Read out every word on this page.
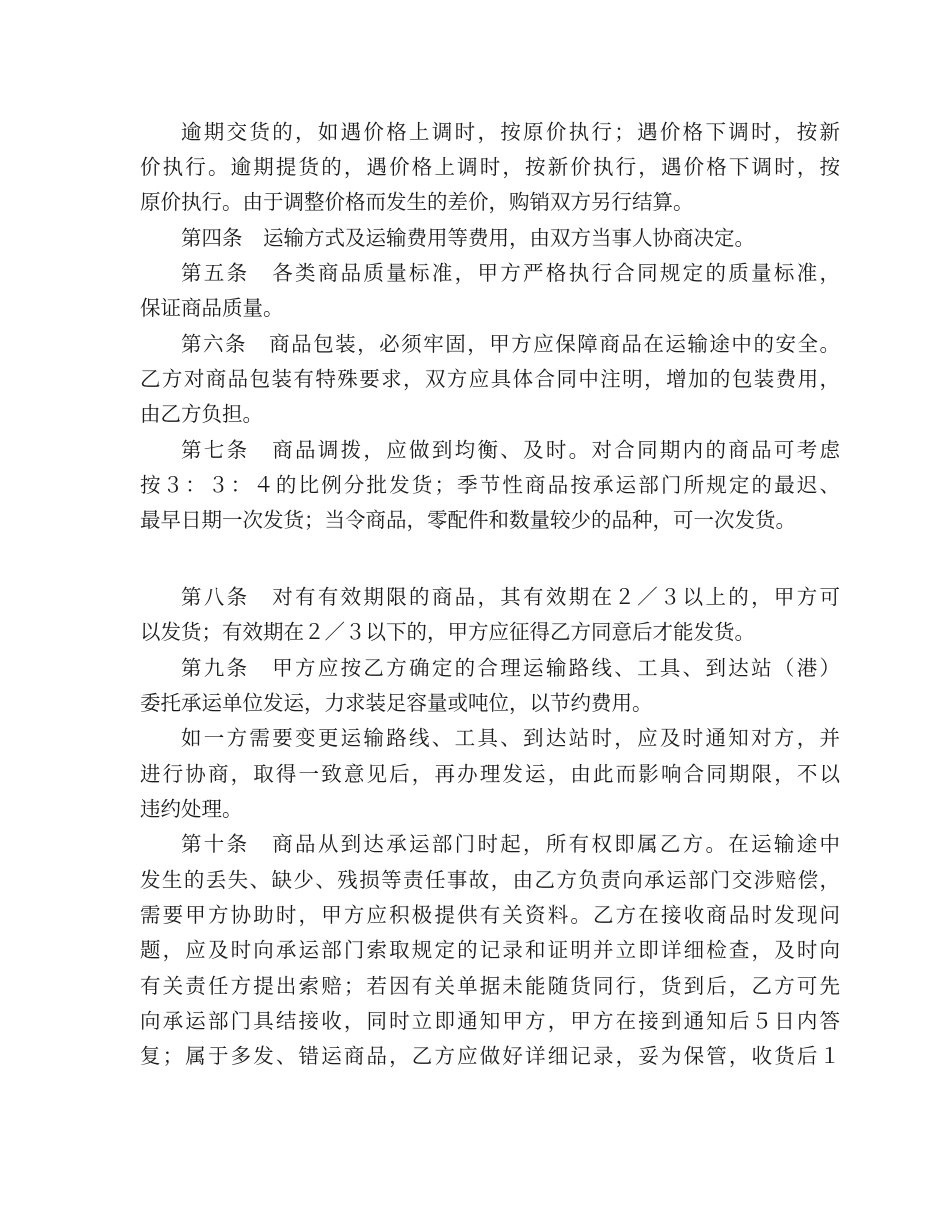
逾期交货的，如遇价格上调时，按原价执行；遇价格下调时，按新
价执行。逾期提货的，遇价格上调时，按新价执行，遇价格下调时，按
原价执行。由于调整价格而发生的差价，购销双方另行结算。
第四条　运输方式及运输费用等费用，由双方当事人协商决定。
第五条　各类商品质量标准，甲方严格执行合同规定的质量标准，
保证商品质量。
第六条　商品包装，必须牢固，甲方应保障商品在运输途中的安全。
乙方对商品包装有特殊要求，双方应具体合同中注明，增加的包装费用，
由乙方负担。
第七条　商品调拨，应做到均衡、及时。对合同期内的商品可考虑
按３：３：４的比例分批发货；季节性商品按承运部门所规定的最迟、
最早日期一次发货；当令商品，零配件和数量较少的品种，可一次发货。
第八条　对有有效期限的商品，其有效期在２／３以上的，甲方可
以发货；有效期在２／３以下的，甲方应征得乙方同意后才能发货。
第九条　甲方应按乙方确定的合理运输路线、工具、到达站（港）
委托承运单位发运，力求装足容量或吨位，以节约费用。
如一方需要变更运输路线、工具、到达站时，应及时通知对方，并
进行协商，取得一致意见后，再办理发运，由此而影响合同期限，不以
违约处理。
第十条　商品从到达承运部门时起，所有权即属乙方。在运输途中
发生的丢失、缺少、残损等责任事故，由乙方负责向承运部门交涉赔偿，
需要甲方协助时，甲方应积极提供有关资料。乙方在接收商品时发现问
题，应及时向承运部门索取规定的记录和证明并立即详细检查，及时向
有关责任方提出索赔；若因有关单据未能随货同行，货到后，乙方可先
向承运部门具结接收，同时立即通知甲方，甲方在接到通知后５日内答
复；属于多发、错运商品，乙方应做好详细记录，妥为保管，收货后１
